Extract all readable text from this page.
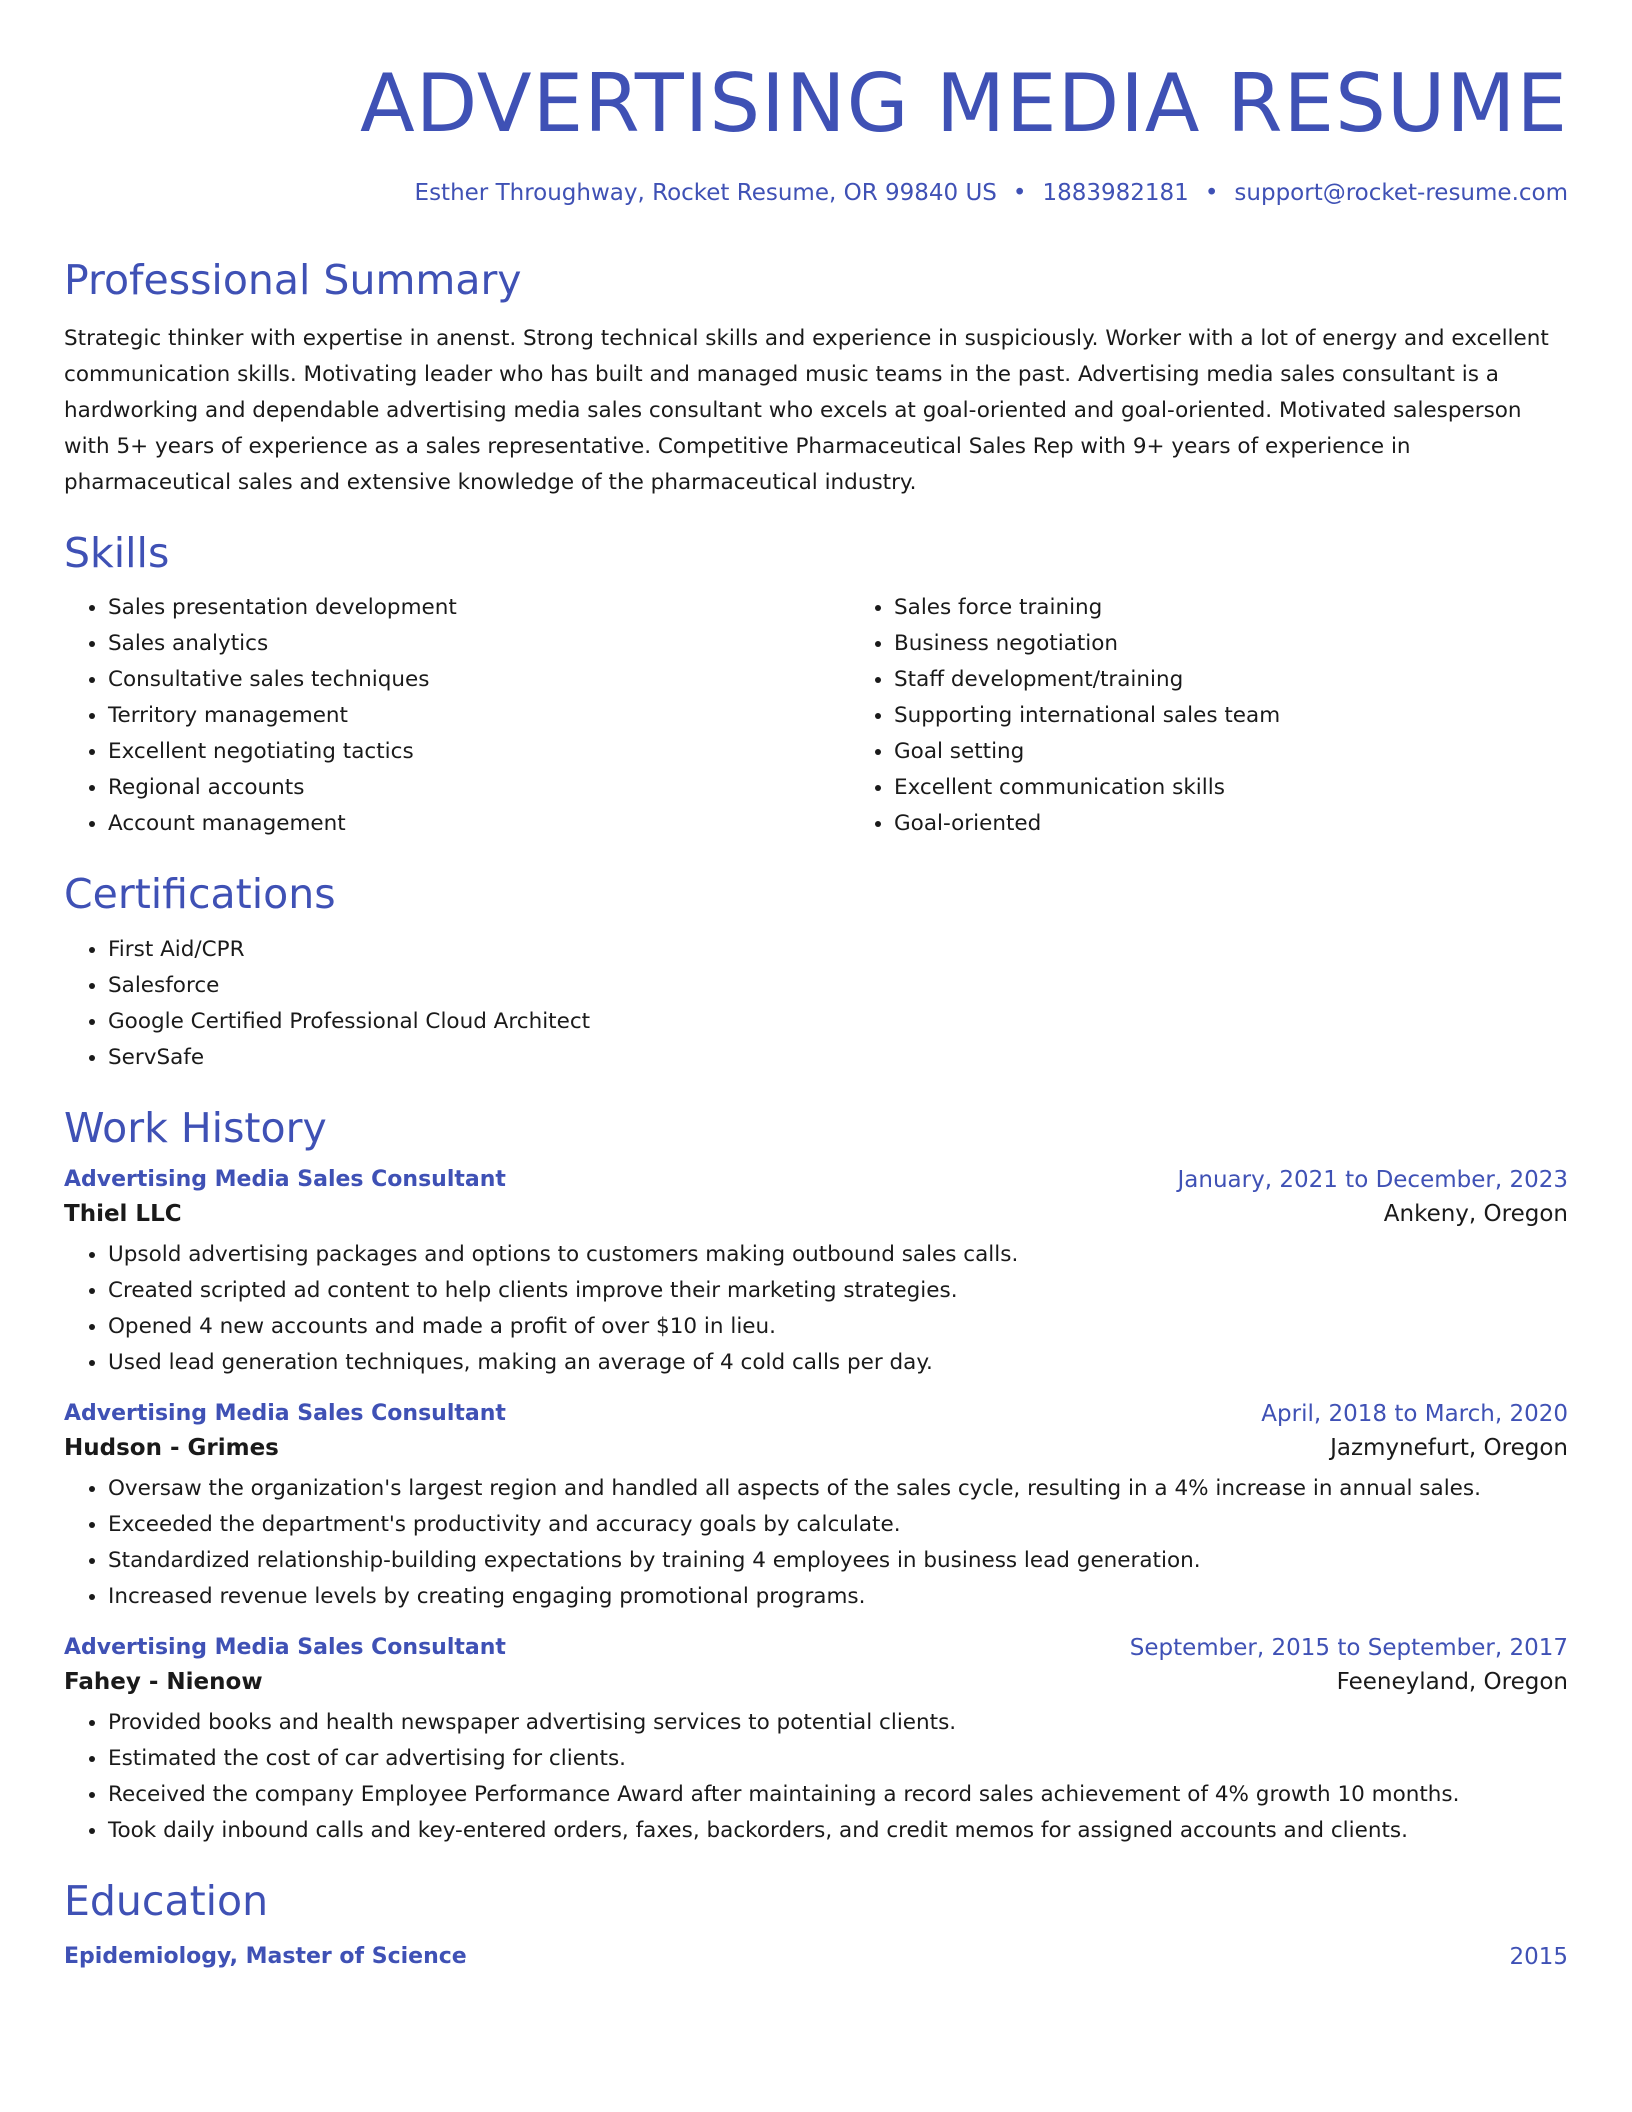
ADVERTISING MEDIA RESUME
Esther Throughway, Rocket Resume, OR 99840 US • 1883982181 • support@rocket-resume.com
Professional Summary
Strategic thinker with expertise in anenst. Strong technical skills and experience in suspiciously. Worker with a lot of energy and excellent communication skills. Motivating leader who has built and managed music teams in the past. Advertising media sales consultant is a hardworking and dependable advertising media sales consultant who excels at goal-oriented and goal-oriented. Motivated salesperson with 5+ years of experience as a sales representative. Competitive Pharmaceutical Sales Rep with 9+ years of experience in pharmaceutical sales and extensive knowledge of the pharmaceutical industry.
Skills
• Sales presentation development
• Sales analytics
• Consultative sales techniques
• Territory management
• Excellent negotiating tactics
• Regional accounts
• Account management
• Sales force training
• Business negotiation
• Staff development/training
• Supporting international sales team
• Goal setting
• Excellent communication skills
• Goal-oriented
Certifications
• First Aid/CPR
• Salesforce
• Google Certified Professional Cloud Architect
• ServSafe
Work History
Advertising Media Sales Consultant	January, 2021 to December, 2023
Thiel LLC	Ankeny, Oregon
• Upsold advertising packages and options to customers making outbound sales calls.
• Created scripted ad content to help clients improve their marketing strategies.
• Opened 4 new accounts and made a profit of over $10 in lieu.
• Used lead generation techniques, making an average of 4 cold calls per day.
Advertising Media Sales Consultant	April, 2018 to March, 2020
Hudson - Grimes	Jazmynefurt, Oregon
• Oversaw the organization's largest region and handled all aspects of the sales cycle, resulting in a 4% increase in annual sales.
• Exceeded the department's productivity and accuracy goals by calculate.
• Standardized relationship-building expectations by training 4 employees in business lead generation.
• Increased revenue levels by creating engaging promotional programs.
Advertising Media Sales Consultant	September, 2015 to September, 2017
Fahey - Nienow	Feeneyland, Oregon
• Provided books and health newspaper advertising services to potential clients.
• Estimated the cost of car advertising for clients.
• Received the company Employee Performance Award after maintaining a record sales achievement of 4% growth 10 months.
• Took daily inbound calls and key-entered orders, faxes, backorders, and credit memos for assigned accounts and clients.
Education
Epidemiology, Master of Science	2015
